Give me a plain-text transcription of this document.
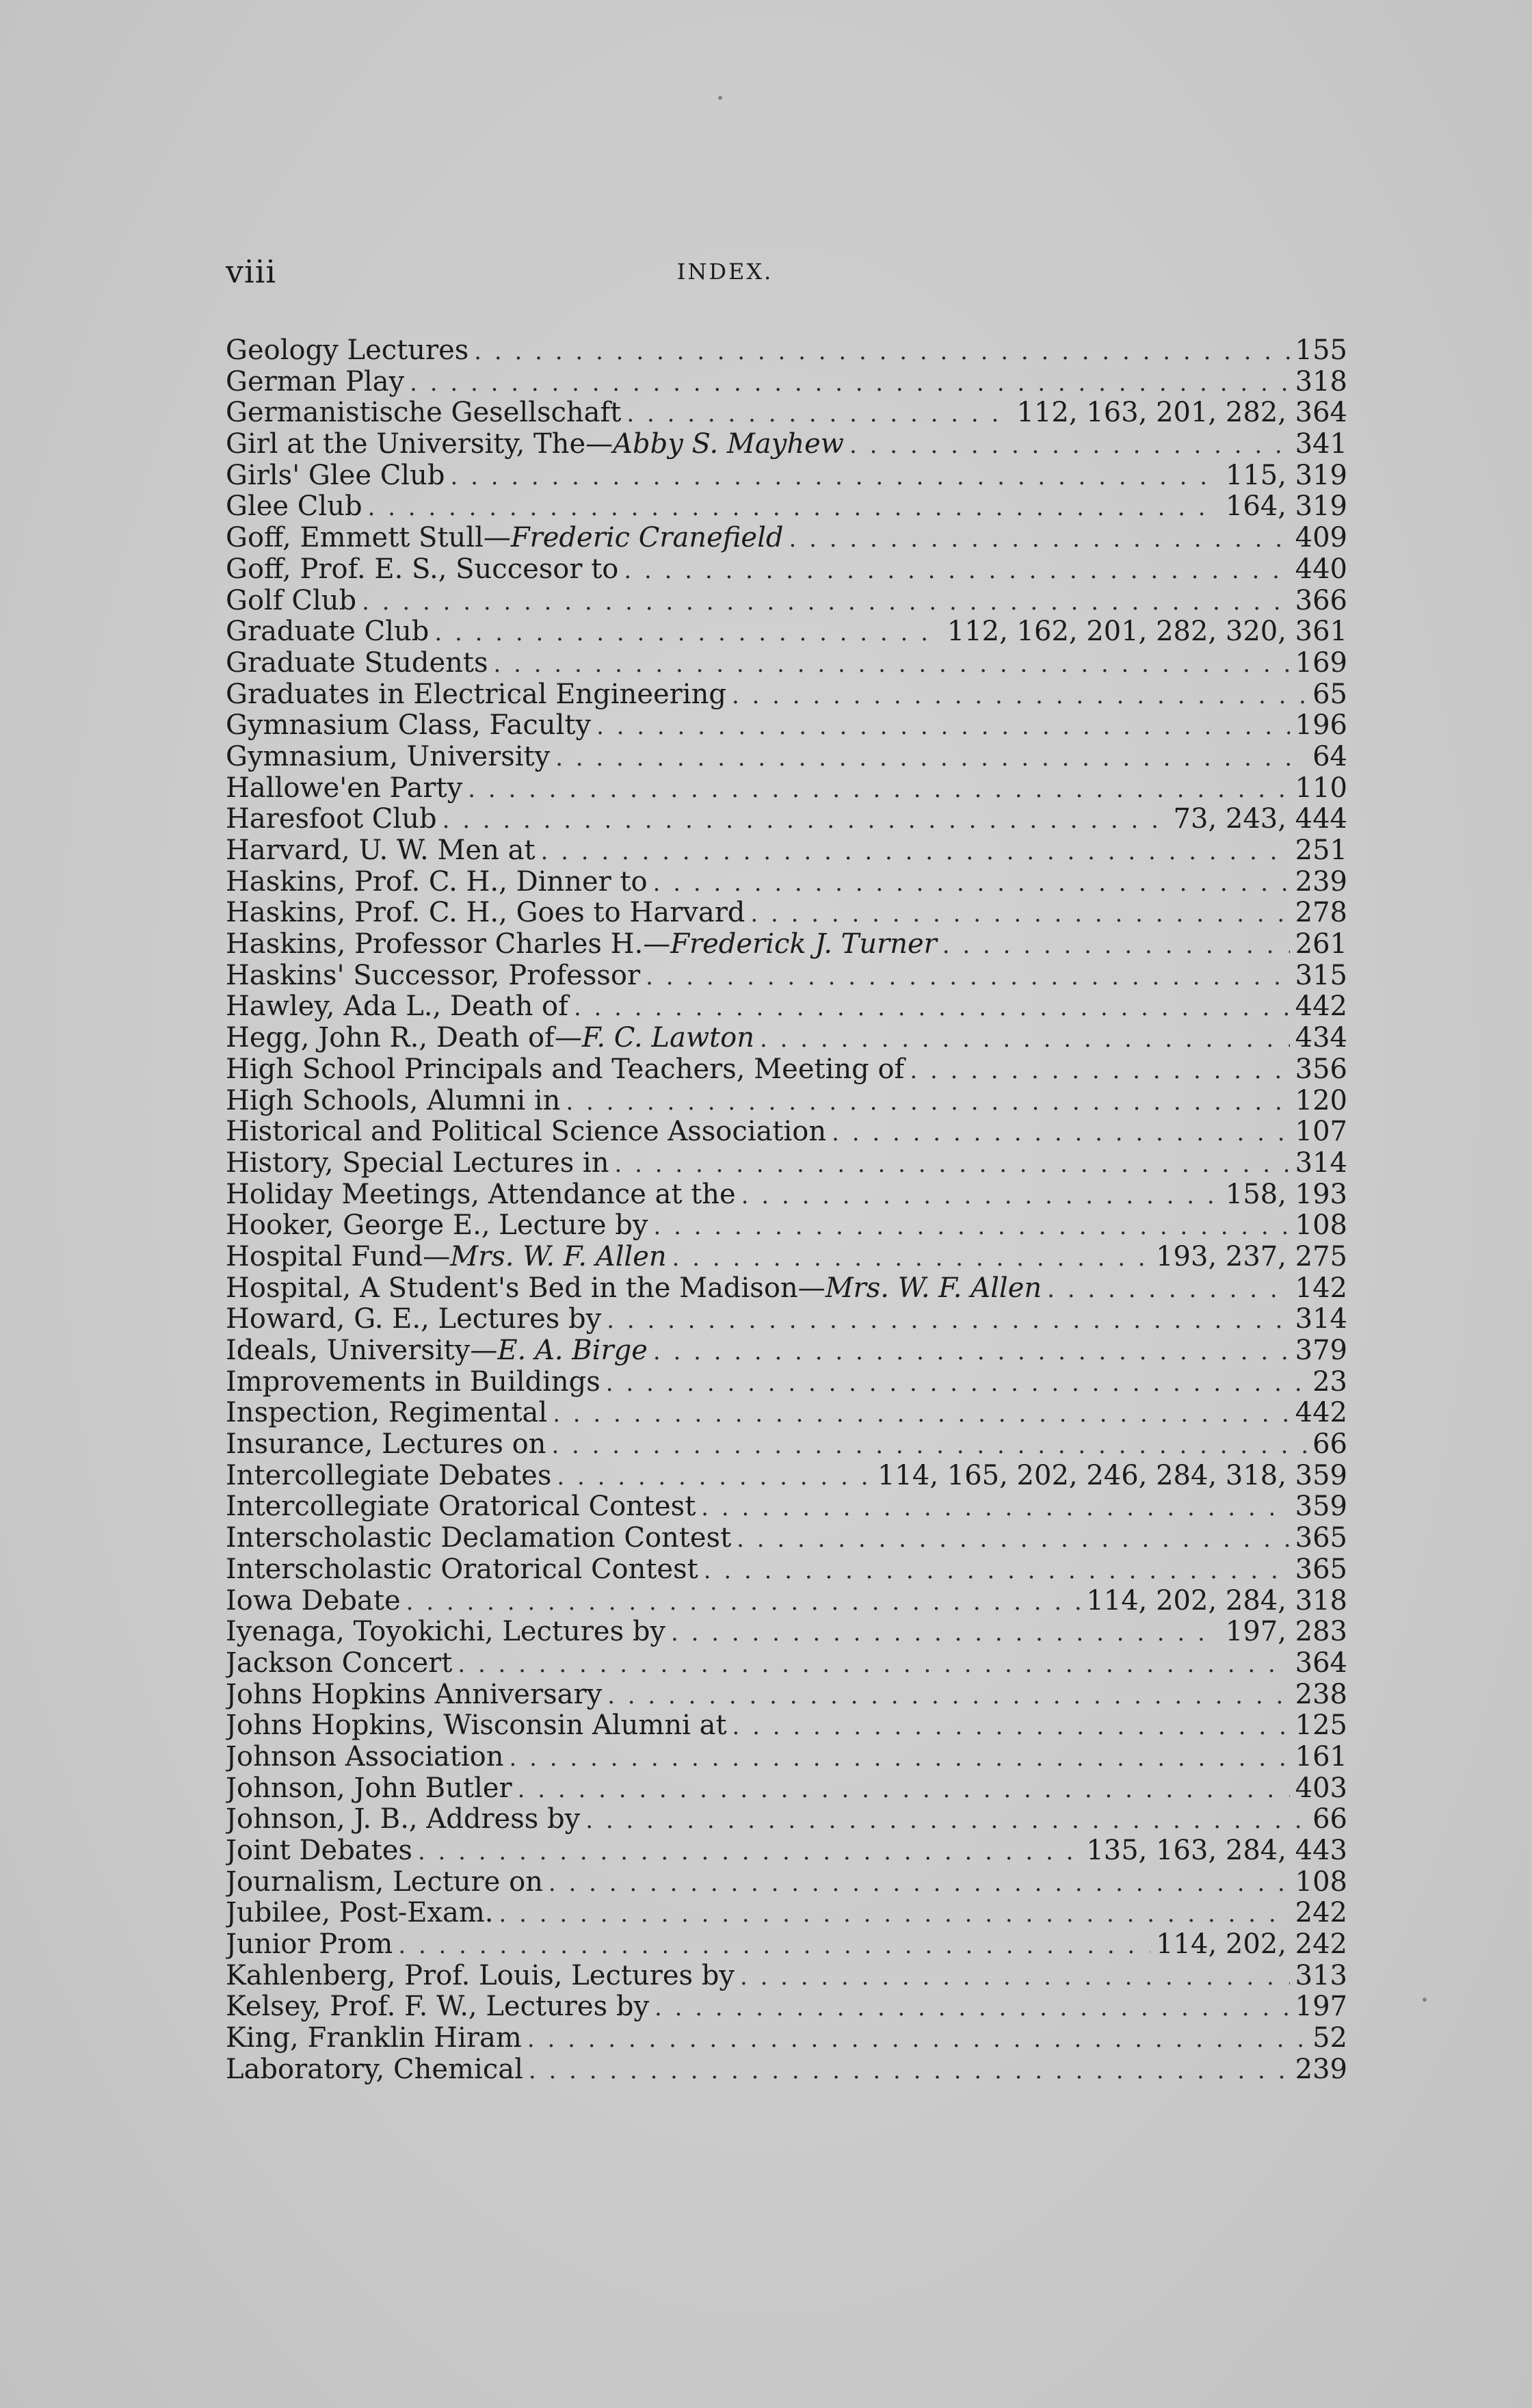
viii	INDEX.
Geology Lectures . . .	155
German Play . . .	318
Germanistische Gesellschaft . . .	112, 163, 201, 282, 364
Girl at the University, The—Abby S. Mayhew . . .	341
Girls' Glee Club . . .	115, 319
Glee Club . . .	164, 319
Goff, Emmett Stull—Frederic Cranefield . . .	409
Goff, Prof. E. S., Succesor to . . .	440
Golf Club . . .	366
Graduate Club . . .	112, 162, 201, 282, 320, 361
Graduate Students . . .	169
Graduates in Electrical Engineering . . .	65
Gymnasium Class, Faculty . . .	196
Gymnasium, University . . .	64
Hallowe'en Party . . .	110
Haresfoot Club . . .	73, 243, 444
Harvard, U. W. Men at . . .	251
Haskins, Prof. C. H., Dinner to . . .	239
Haskins, Prof. C. H., Goes to Harvard . . .	278
Haskins, Professor Charles H.—Frederick J. Turner . . .	261
Haskins' Successor, Professor . . .	315
Hawley, Ada L., Death of . . .	442
Hegg, John R., Death of—F. C. Lawton . . .	434
High School Principals and Teachers, Meeting of . . .	356
High Schools, Alumni in . . .	120
Historical and Political Science Association . . .	107
History, Special Lectures in . . .	314
Holiday Meetings, Attendance at the . . .	158, 193
Hooker, George E., Lecture by . . .	108
Hospital Fund—Mrs. W. F. Allen . . .	193, 237, 275
Hospital, A Student's Bed in the Madison—Mrs. W. F. Allen . . .	142
Howard, G. E., Lectures by . . .	314
Ideals, University—E. A. Birge . . .	379
Improvements in Buildings . . .	23
Inspection, Regimental . . .	442
Insurance, Lectures on . . .	66
Intercollegiate Debates . . .	114, 165, 202, 246, 284, 318, 359
Intercollegiate Oratorical Contest . . .	359
Interscholastic Declamation Contest . . .	365
Interscholastic Oratorical Contest . . .	365
Iowa Debate . . .	114, 202, 284, 318
Iyenaga, Toyokichi, Lectures by . . .	197, 283
Jackson Concert . . .	364
Johns Hopkins Anniversary . . .	238
Johns Hopkins, Wisconsin Alumni at . . .	125
Johnson Association . . .	161
Johnson, John Butler . . .	403
Johnson, J. B., Address by . . .	66
Joint Debates . . .	135, 163, 284, 443
Journalism, Lecture on . . .	108
Jubilee, Post-Exam. . . .	242
Junior Prom . . .	114, 202, 242
Kahlenberg, Prof. Louis, Lectures by . . .	313
Kelsey, Prof. F. W., Lectures by . . .	197
King, Franklin Hiram . . .	52
Laboratory, Chemical . . .	239
